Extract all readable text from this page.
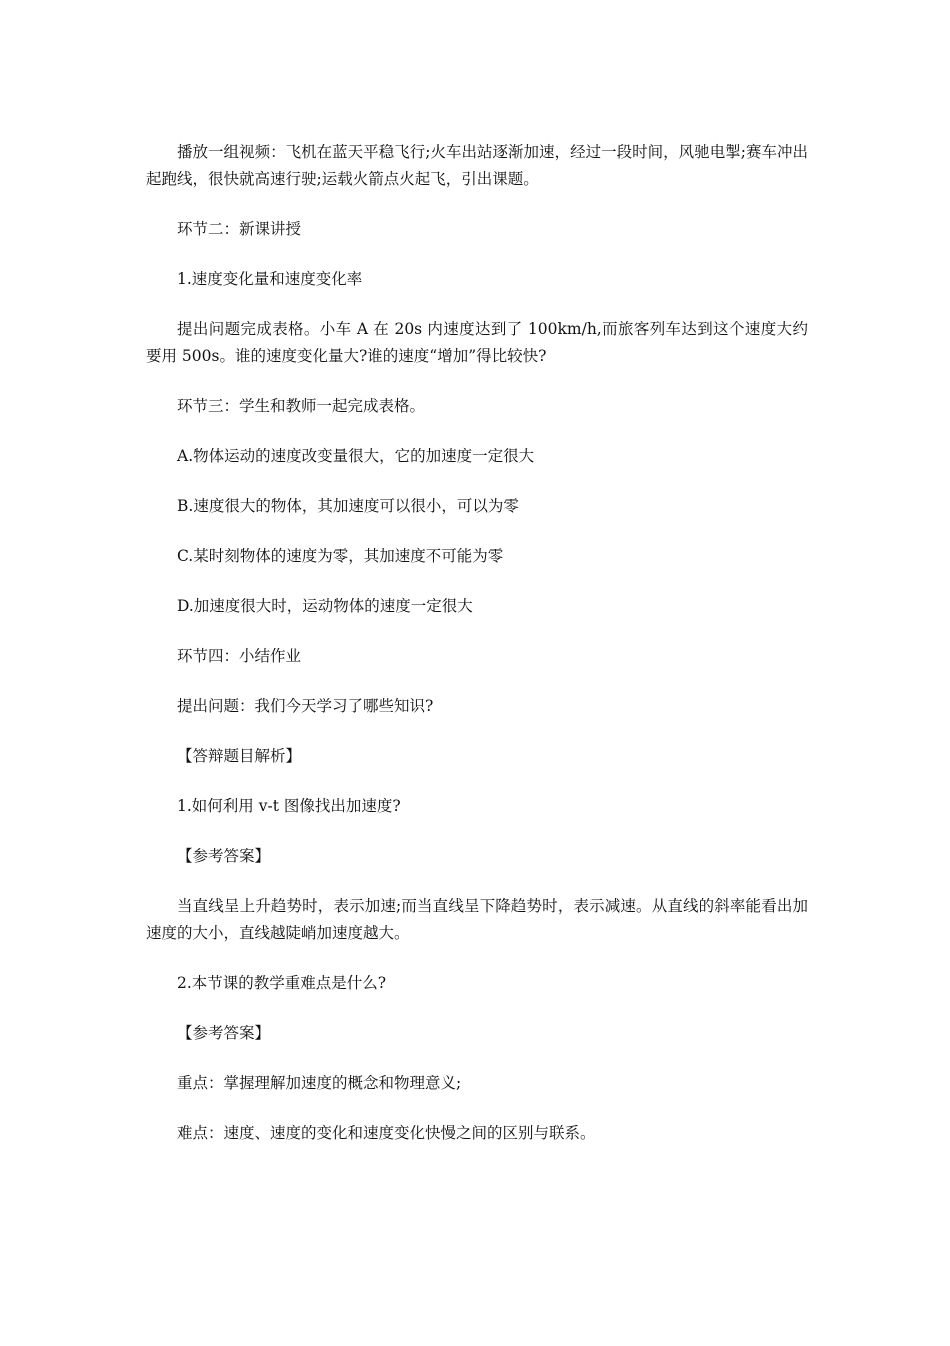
播放一组视频：飞机在蓝天平稳飞行;火车出站逐渐加速，经过一段时间，风驰电掣;赛车冲出起跑线，很快就高速行驶;运载火箭点火起飞，引出课题。

环节二：新课讲授

1.速度变化量和速度变化率

提出问题完成表格。小车 A 在 20s 内速度达到了 100km/h,而旅客列车达到这个速度大约要用 500s。谁的速度变化量大?谁的速度“增加”得比较快?

环节三：学生和教师一起完成表格。

A.物体运动的速度改变量很大，它的加速度一定很大

B.速度很大的物体，其加速度可以很小，可以为零

C.某时刻物体的速度为零，其加速度不可能为零

D.加速度很大时，运动物体的速度一定很大

环节四：小结作业

提出问题：我们今天学习了哪些知识?

【答辩题目解析】

1.如何利用 v-t 图像找出加速度?

【参考答案】

当直线呈上升趋势时，表示加速;而当直线呈下降趋势时，表示减速。从直线的斜率能看出加速度的大小，直线越陡峭加速度越大。

2.本节课的教学重难点是什么?

【参考答案】

重点：掌握理解加速度的概念和物理意义;

难点：速度、速度的变化和速度变化快慢之间的区别与联系。
